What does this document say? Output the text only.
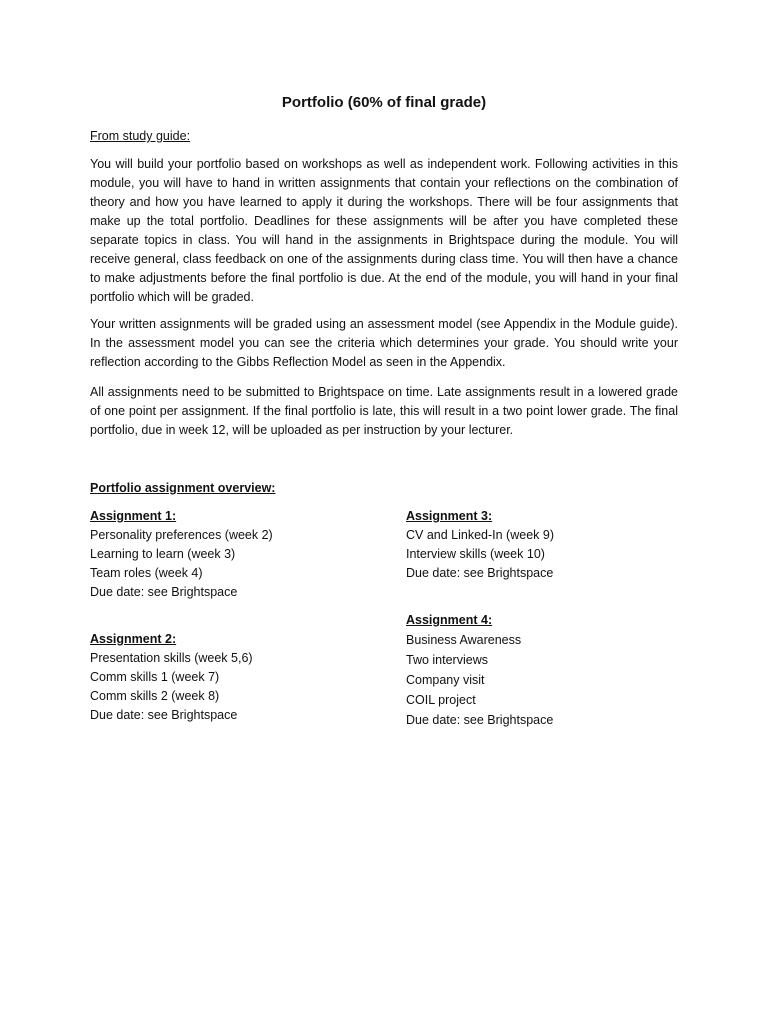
Portfolio (60% of final grade)

From study guide:

You will build your portfolio based on workshops as well as independent work. Following activities in this module, you will have to hand in written assignments that contain your reflections on the combination of theory and how you have learned to apply it during the workshops. There will be four assignments that make up the total portfolio. Deadlines for these assignments will be after you have completed these separate topics in class. You will hand in the assignments in Brightspace during the module. You will receive general, class feedback on one of the assignments during class time. You will then have a chance to make adjustments before the final portfolio is due. At the end of the module, you will hand in your final portfolio which will be graded.

Your written assignments will be graded using an assessment model (see Appendix in the Module guide). In the assessment model you can see the criteria which determines your grade. You should write your reflection according to the Gibbs Reflection Model as seen in the Appendix.

All assignments need to be submitted to Brightspace on time. Late assignments result in a lowered grade of one point per assignment. If the final portfolio is late, this will result in a two point lower grade. The final portfolio, due in week 12, will be uploaded as per instruction by your lecturer.

Portfolio assignment overview:

Assignment 1:
Personality preferences (week 2)
Learning to learn (week 3)
Team roles (week 4)
Due date: see Brightspace
Assignment 2:
Presentation skills (week 5,6)
Comm skills 1 (week 7)
Comm skills 2 (week 8)
Due date: see Brightspace
Assignment 3:
CV and Linked-In (week 9)
Interview skills (week 10)
Due date: see Brightspace
Assignment 4:
Business Awareness
Two interviews
Company visit
COIL project
Due date: see Brightspace
